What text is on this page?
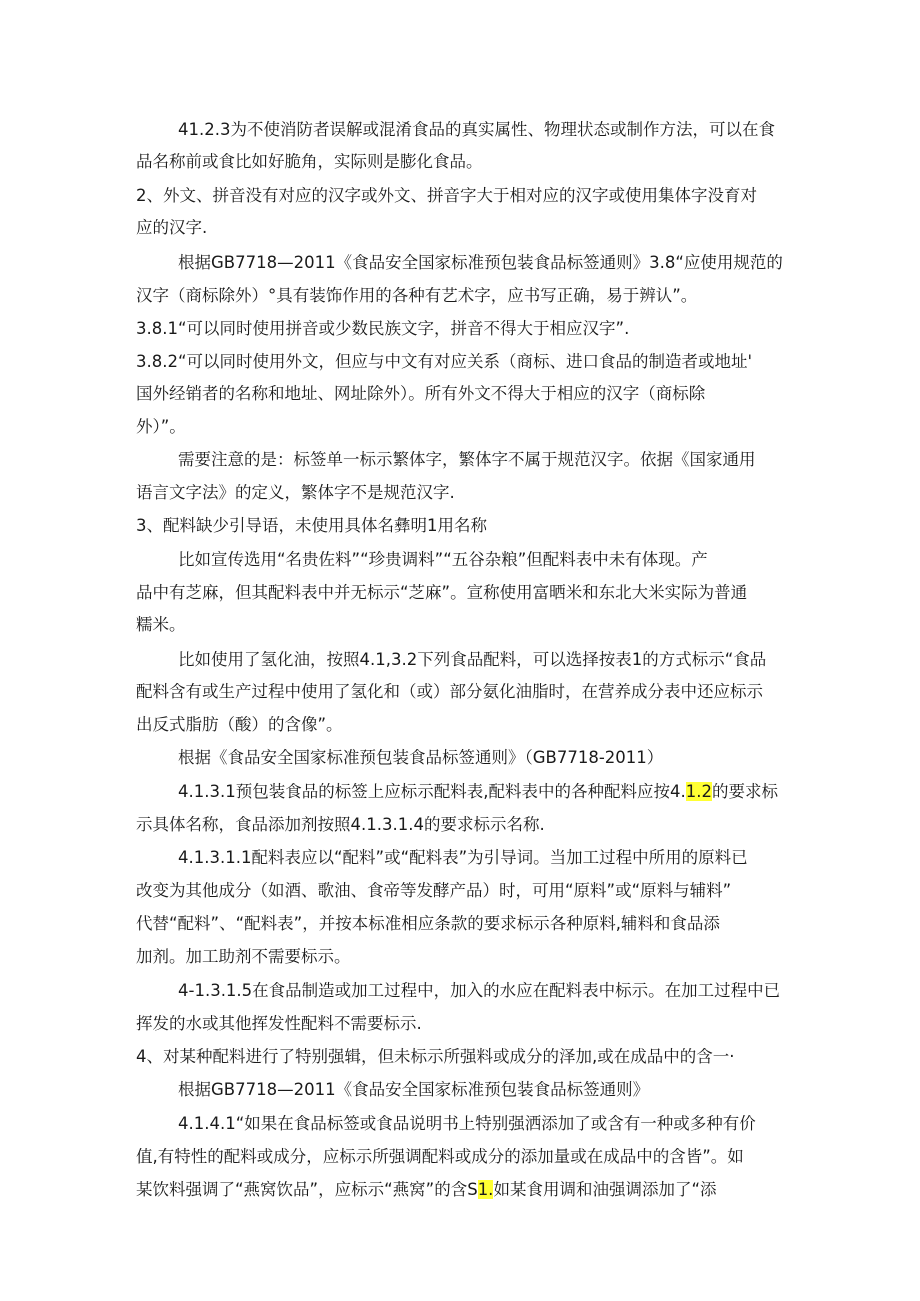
41.2.3为不使消防者误解或混淆食品的真实属性、物理状态或制作方法，可以在食
品名称前或食比如好脆角，实际则是膨化食品。
2、外文、拼音没有对应的汉字或外文、拼音字大于相对应的汉字或使用集体字没育对
应的汉字.
根据GB7718—2011《食品安全国家标准预包装食品标签通则》3.8“应使用规范的
汉字（商标除外）°具有装饰作用的各种有艺术字，应书写正确，易于辨认”。
3.8.1“可以同时使用拼音或少数民族文字，拼音不得大于相应汉字”.
3.8.2“可以同时使用外文，但应与中文有对应关系（商标、进口食品的制造者或地址'
国外经销者的名称和地址、网址除外）。所有外文不得大于相应的汉字（商标除
外）”。
需要注意的是：标签单一标示繁体字，繁体字不属于规范汉字。依据《国家通用
语言文字法》的定义，繁体字不是规范汉字.
3、配料缺少引导语，未使用具体名彝明1用名称
比如宣传选用“名贵佐料”“珍贵调料”“五谷杂粮”但配料表中未有体现。产
品中有芝麻，但其配料表中并无标示“芝麻”。宣称使用富晒米和东北大米实际为普通
糯米。
比如使用了氢化油，按照4.1,3.2下列食品配料，可以选择按表1的方式标示“食品
配料含有或生产过程中使用了氢化和（或）部分氨化油脂时，在营养成分表中还应标示
出反式脂肪（酸）的含像”。
根据《食品安全国家标准预包装食品标签通则》（GB7718-2011）
4.1.3.1预包装食品的标签上应标示配料表,配料表中的各种配料应按4.1.2的要求标
示具体名称，食品添加剂按照4.1.3.1.4的要求标示名称.
4.1.3.1.1配料表应以“配料”或“配料表”为引导词。当加工过程中所用的原料已
改变为其他成分（如酒、歌油、食帝等发酵产品）时，可用“原料”或“原料与辅料”
代替“配料”、“配料表”，并按本标准相应条款的要求标示各种原料,辅料和食品添
加剂。加工助剂不需要标示。
4-1.3.1.5在食品制造或加工过程中，加入的水应在配料表中标示。在加工过程中已
挥发的水或其他挥发性配料不需要标示.
4、对某种配料进行了特别强辑，但未标示所强料或成分的泽加,或在成品中的含一·
根据GB7718—2011《食品安全国家标准预包装食品标签通则》
4.1.4.1“如果在食品标签或食品说明书上特别强洒添加了或含有一种或多种有价
值,有特性的配料或成分，应标示所强调配料或成分的添加量或在成品中的含皆”。如
某饮料强调了“燕窝饮品”，应标示“燕窝”的含S1.如某食用调和油强调添加了“添
